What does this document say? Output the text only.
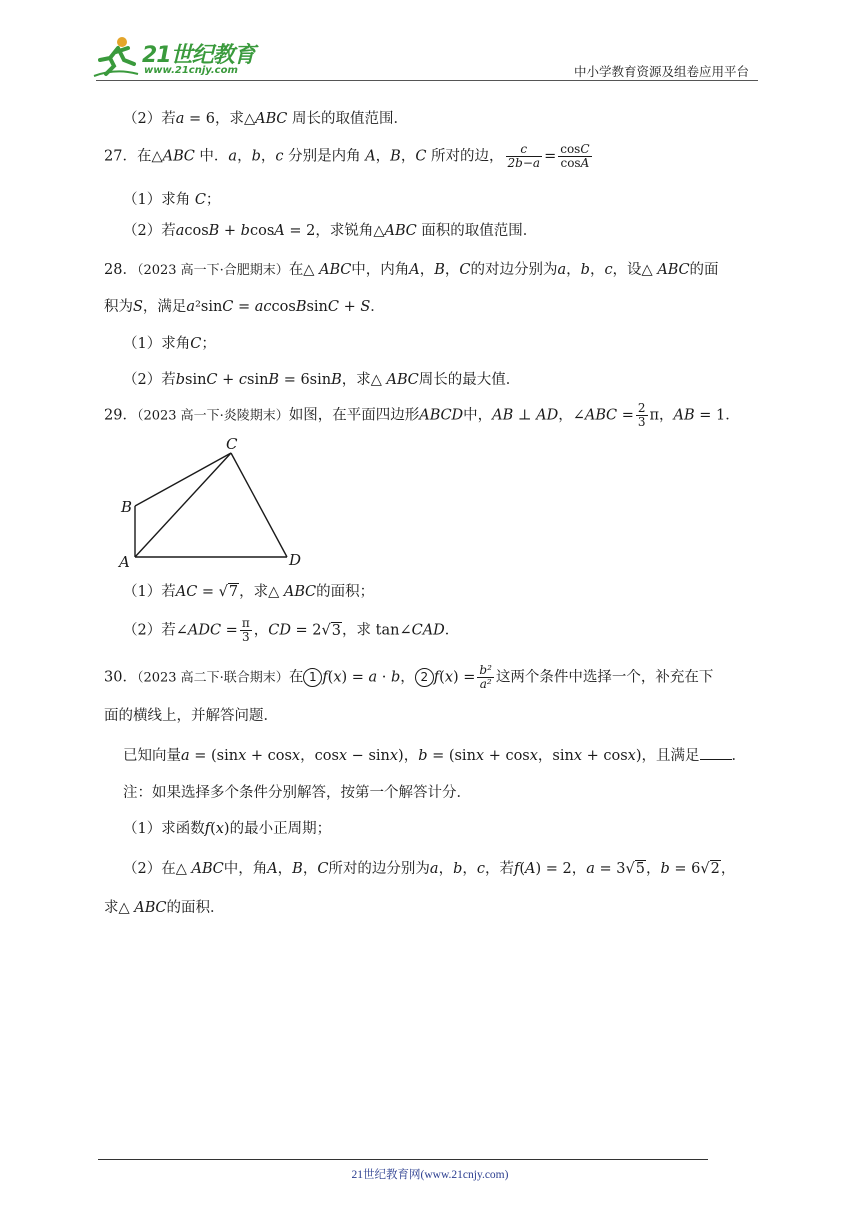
21世纪教育
www.21cnjy.com	中小学教育资源及组卷应用平台
（2）若𝑎 = 6，求△𝐴𝐵𝐶 周长的取值范围．
27．在△𝐴𝐵𝐶 中．𝑎，𝑏，𝑐 分别是内角 𝐴，𝐵，𝐶 所对的边， $\frac{\text{𝑐}}{\text{2𝑏−𝑎}} = \frac{\text{cos𝐶}}{\text{cos𝐴}}$
（1）求角 𝐶；
（2）若𝑎cos𝐵 + 𝑏cos𝐴 = 2，求锐角△𝐴𝐵𝐶 面积的取值范围．
28．（2023 高一下·合肥期末）在△ 𝐴𝐵𝐶中，内角𝐴，𝐵，𝐶的对边分别为𝑎，𝑏，𝑐，设△ 𝐴𝐵𝐶的面
积为𝑆，满足𝑎²sin𝐶 = 𝑎𝑐cos𝐵sin𝐶 + 𝑆．
（1）求角𝐶；
（2）若𝑏sin𝐶 + 𝑐sin𝐵 = 6sin𝐵，求△ 𝐴𝐵𝐶周长的最大值．
29．（2023 高一下·炎陵期末）如图，在平面四边形𝐴𝐵𝐶𝐷中，𝐴𝐵 ⊥ 𝐴𝐷，∠𝐴𝐵𝐶 = $\frac{2}{3}$ π，𝐴𝐵 = 1．
C
B
A	D
（1）若𝐴𝐶 = √7，求△ 𝐴𝐵𝐶的面积；
（2）若∠𝐴𝐷𝐶 = $\frac{\pi}{3}$ ，𝐶𝐷 = 2√3，求 tan∠𝐶𝐴𝐷．
30．（2023 高二下·联合期末）在 1 𝑓(𝑥) = 𝑎 · 𝑏， 2 𝑓(𝑥) = $\frac{\text{𝑏²}}{\text{𝑎²}}$ 这两个条件中选择一个，补充在下
面的横线上，并解答问题．
已知向量𝑎 = (sin𝑥 + cos𝑥，cos𝑥 − sin𝑥)，𝑏 = (sin𝑥 + cos𝑥，sin𝑥 + cos𝑥)，且满足 ．
注：如果选择多个条件分别解答，按第一个解答计分．
（1）求函数𝑓(𝑥)的最小正周期；
（2）在△ 𝐴𝐵𝐶中，角𝐴，𝐵，𝐶所对的边分别为𝑎，𝑏，𝑐，若𝑓(𝐴) = 2，𝑎 = 3√5，𝑏 = 6√2，
求△ 𝐴𝐵𝐶的面积．
21世纪教育网(www.21cnjy.com)
